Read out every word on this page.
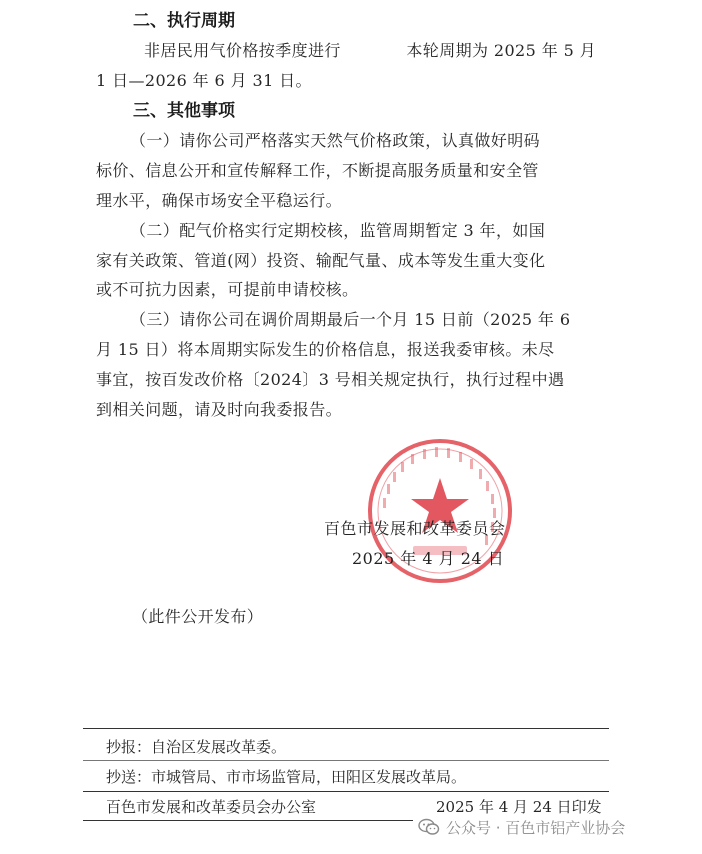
二、执行周期
非居民用气价格按季度进行　　　　本轮周期为 2025 年 5 月
1 日—2026 年 6 月 31 日。
三、其他事项
（一）请你公司严格落实天然气价格政策，认真做好明码
标价、信息公开和宣传解释工作，不断提高服务质量和安全管
理水平，确保市场安全平稳运行。
（二）配气价格实行定期校核，监管周期暂定 3 年，如国
家有关政策、管道(网）投资、输配气量、成本等发生重大变化
或不可抗力因素，可提前申请校核。
（三）请你公司在调价周期最后一个月 15 日前（2025 年 6
月 15 日）将本周期实际发生的价格信息，报送我委审核。未尽
事宜，按百发改价格〔2024〕3 号相关规定执行，执行过程中遇
到相关问题，请及时向我委报告。
百色市发展和改革委员会
2025 年 4 月 24 日
（此件公开发布）
抄报：自治区发展改革委。
抄送：市城管局、市市场监管局，田阳区发展改革局。
百色市发展和改革委员会办公室	2025 年 4 月 24 日印发
公众号 · 百色市铝产业协会
